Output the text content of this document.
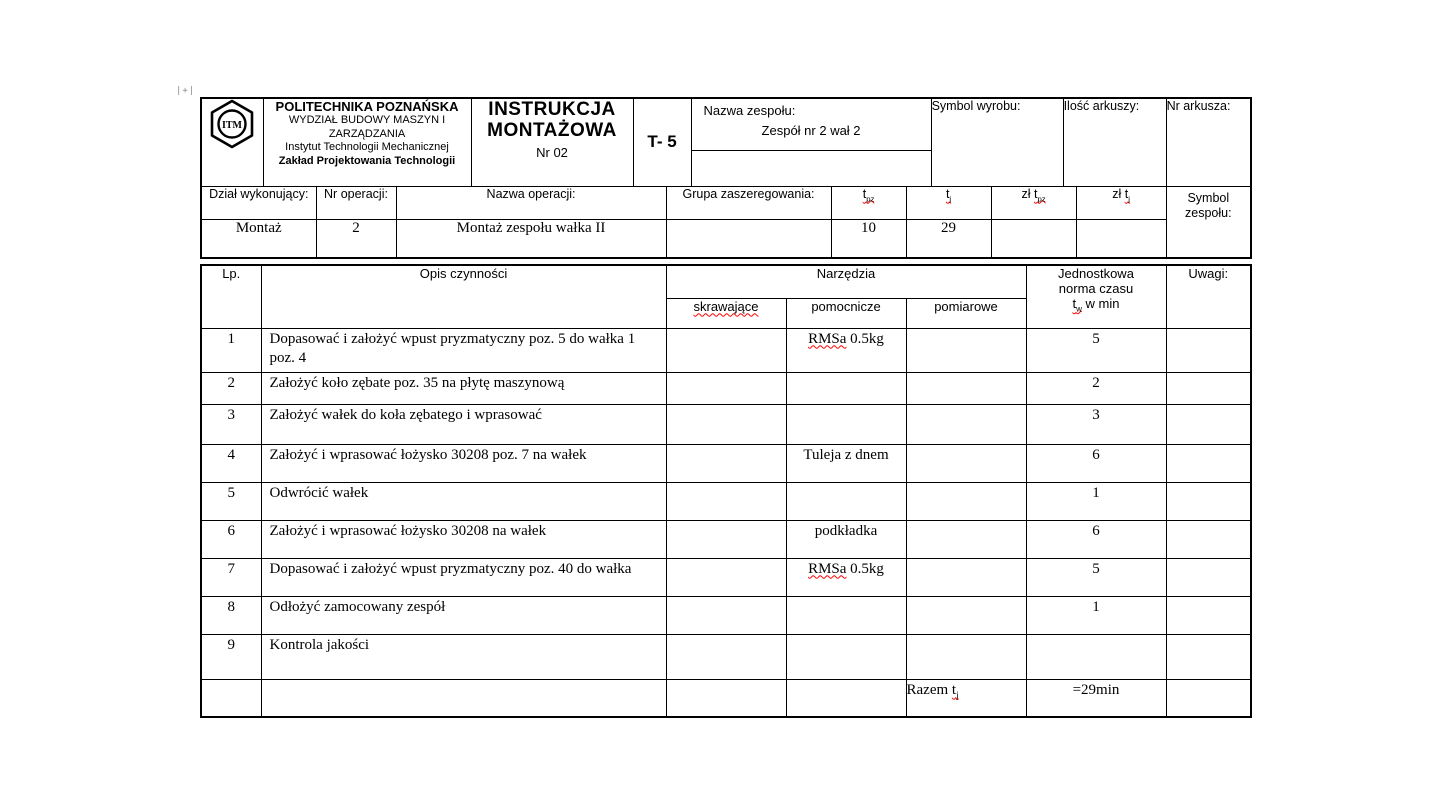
|+|
ITM

POLITECHNIKA POZNAŃSKA
WYDZIAŁ BUDOWY MASZYN I
ZARZĄDZANIA
Instytut Technologii Mechanicznej
Zakład Projektowania Technologii

INSTRUKCJA
MONTAŻOWA
Nr 02
	T- 5	
Nazwa zespołu:
Zespół nr 2 wał 2
	Symbol wyrobu:	Ilość arkuszy:	Nr arkusza:
Dział wykonujący:		Nr operacji:	Nazwa operacji:			Grupa zaszeregowania:		$t_{pz}$	$t_j$		zł $t_{pz}$		zł $t_j$	Symbol
zespołu:

Montaż		2	Montaż zespołu wałka II					10	29					
Lp.	Opis czynności	Narzędzia			Jednostkowa
norma czasu
$t_w$ w min	Uwagi:
		skrawające	pomocnicze	pomiarowe		
1	Dopasować i założyć wpust pryzmatyczny poz. 5 do wałka 1 poz. 4		RMSa 0.5kg		5	
2	Założyć koło zębate poz. 35 na płytę maszynową				2	
3	Założyć wałek do koła zębatego i wprasować				3	
4	Założyć i wprasować łożysko 30208 poz. 7 na wałek		Tuleja z dnem		6	
5	Odwrócić wałek				1	
6	Założyć i wprasować łożysko 30208 na wałek		podkładka		6	
7	Dopasować i założyć wpust pryzmatyczny poz. 40 do wałka		RMSa 0.5kg		5	
8	Odłożyć zamocowany zespół				1	
9	Kontrola jakości					
				Razem $t_j$	=29min	
